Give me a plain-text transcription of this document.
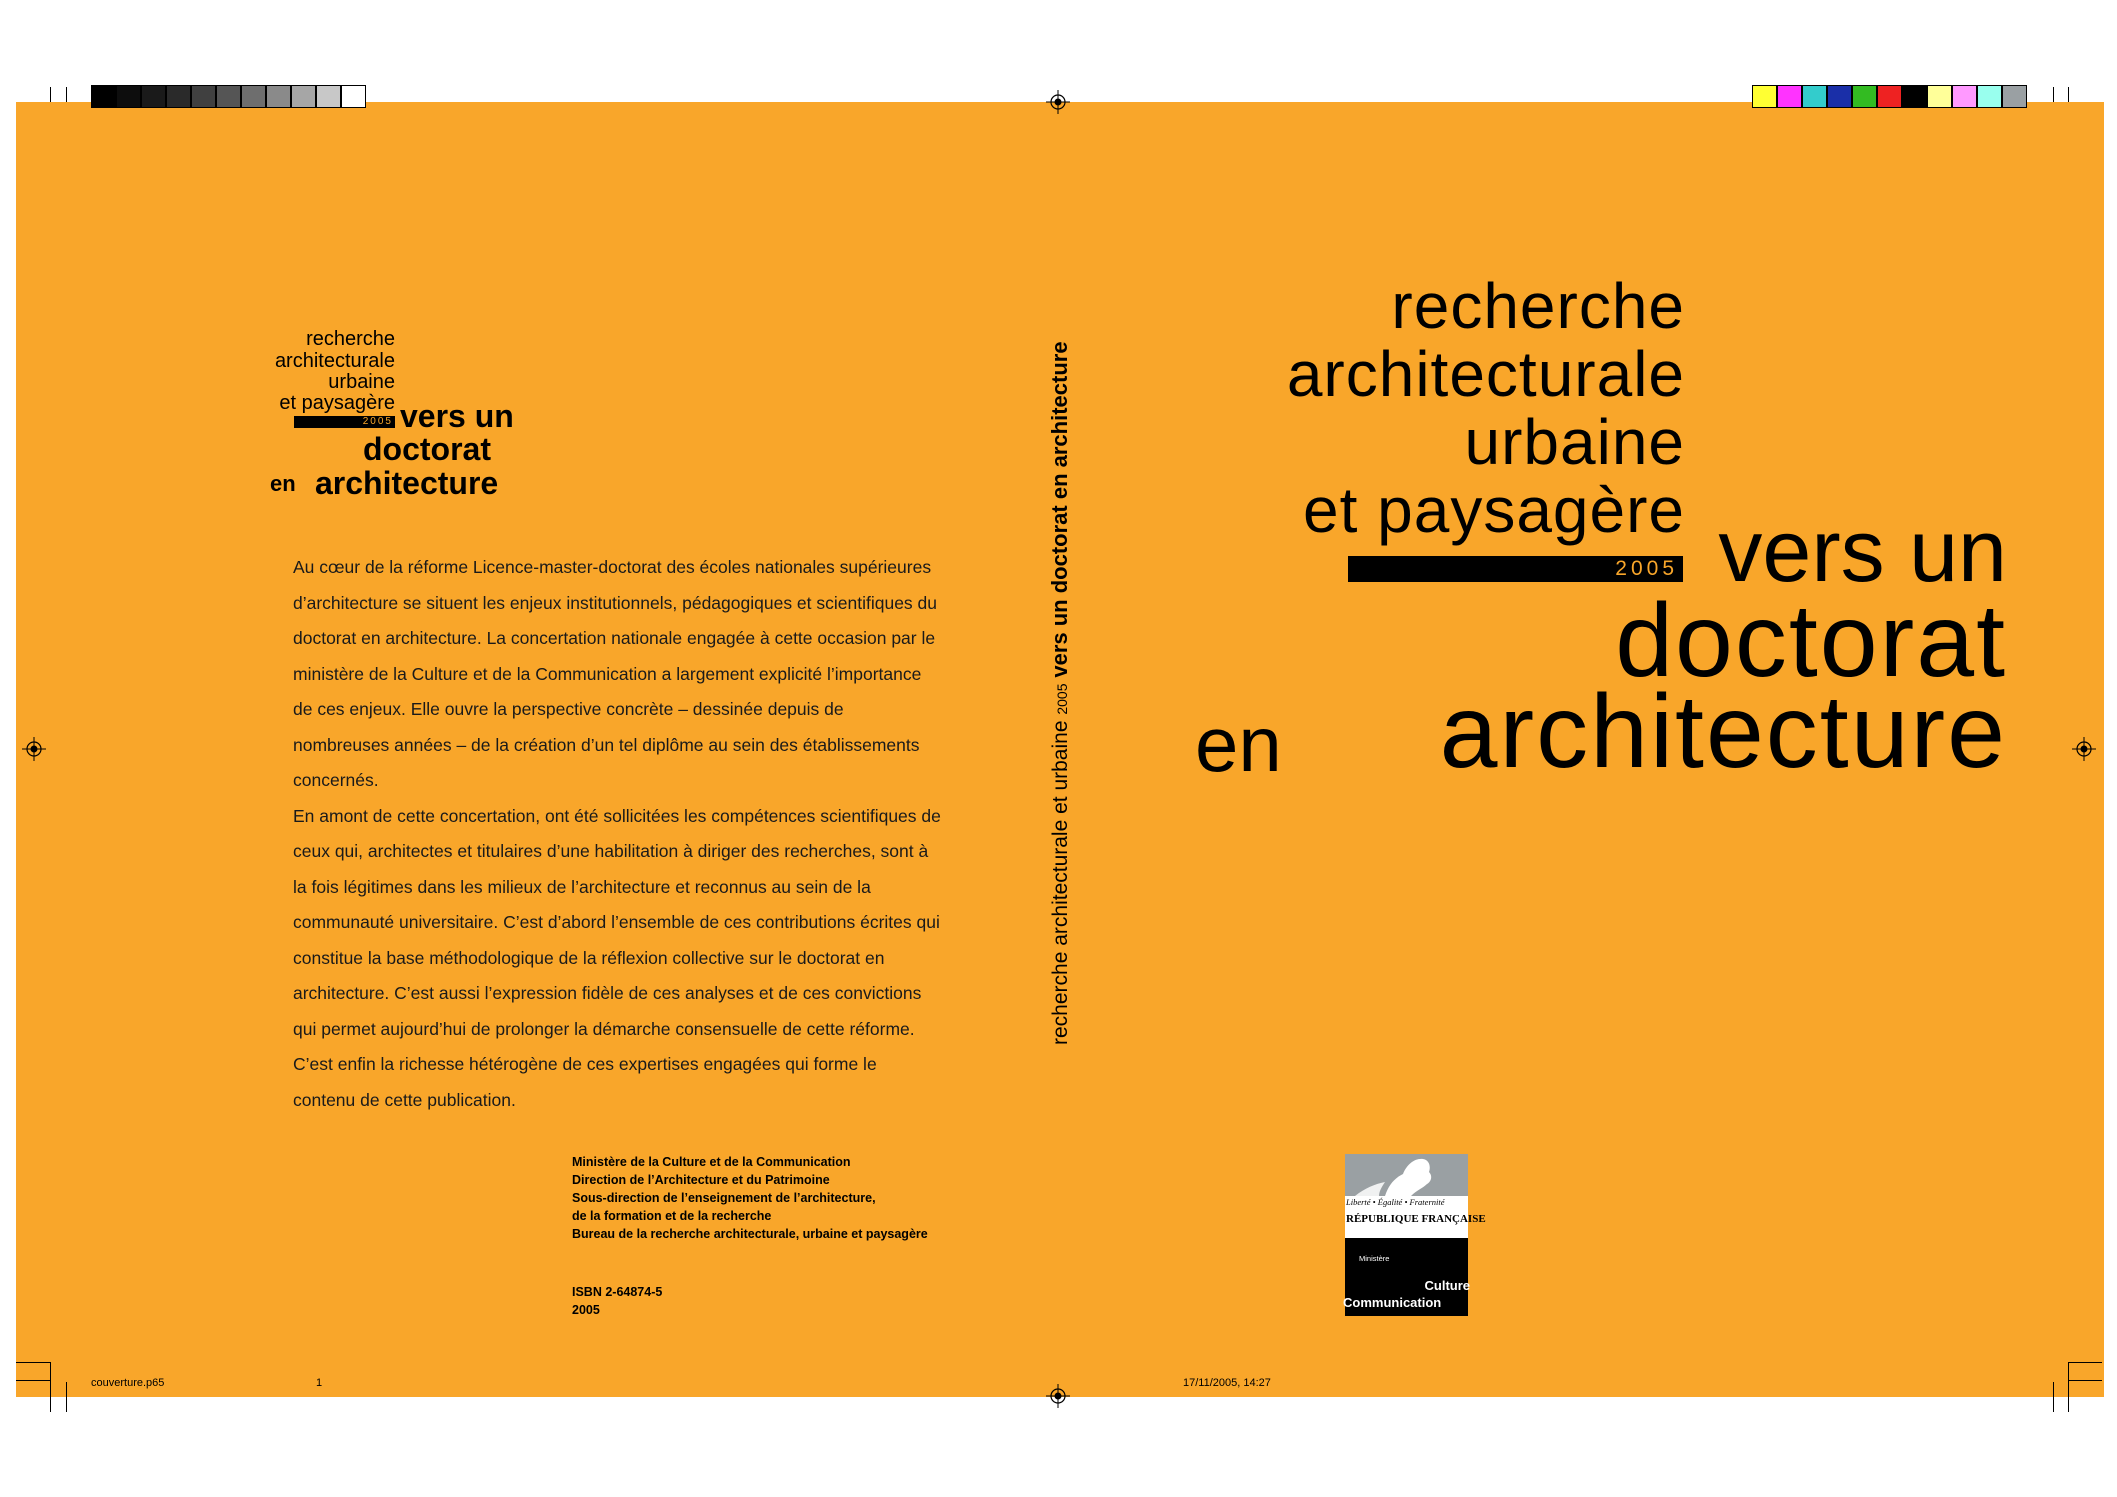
recherche
architecturale
urbaine
et paysagère
2005 vers un
doctorat
en architecture

Au cœur de la réforme Licence-master-doctorat des écoles nationales supérieures d’architecture se situent les enjeux institutionnels, pédagogiques et scientifiques du doctorat en architecture. La concertation nationale engagée à cette occasion par le ministère de la Culture et de la Communication a largement explicité l’importance de ces enjeux. Elle ouvre la perspective concrète – dessinée depuis de nombreuses années – de la création d’un tel diplôme au sein des établissements concernés.

En amont de cette concertation, ont été sollicitées les compétences scientifiques de ceux qui, architectes et titulaires d’une habilitation à diriger des recherches, sont à la fois légitimes dans les milieux de l’architecture et reconnus au sein de la communauté universitaire. C’est d’abord l’ensemble de ces contributions écrites qui constitue la base méthodologique de la réflexion collective sur le doctorat en architecture. C’est aussi l’expression fidèle de ces analyses et de ces convictions qui permet aujourd’hui de prolonger la démarche consensuelle de cette réforme. C’est enfin la richesse hétérogène de ces expertises engagées qui forme le contenu de cette publication.

Ministère de la Culture et de la Communication
Direction de l’Architecture et du Patrimoine
Sous-direction de l’enseignement de l’architecture,
de la formation et de la recherche
Bureau de la recherche architecturale, urbaine et paysagère
ISBN 2-64874-5
2005
recherche architecturale et urbaine 2005 vers un doctorat en architecture
recherche
architecturale
urbaine
et paysagère
2005 vers un
doctorat
en architecture
Liberté • Égalité • Fraternité
RÉPUBLIQUE FRANÇAISE
Ministère
Culture
Communication
couverture.p65	1	17/11/2005, 14:27
